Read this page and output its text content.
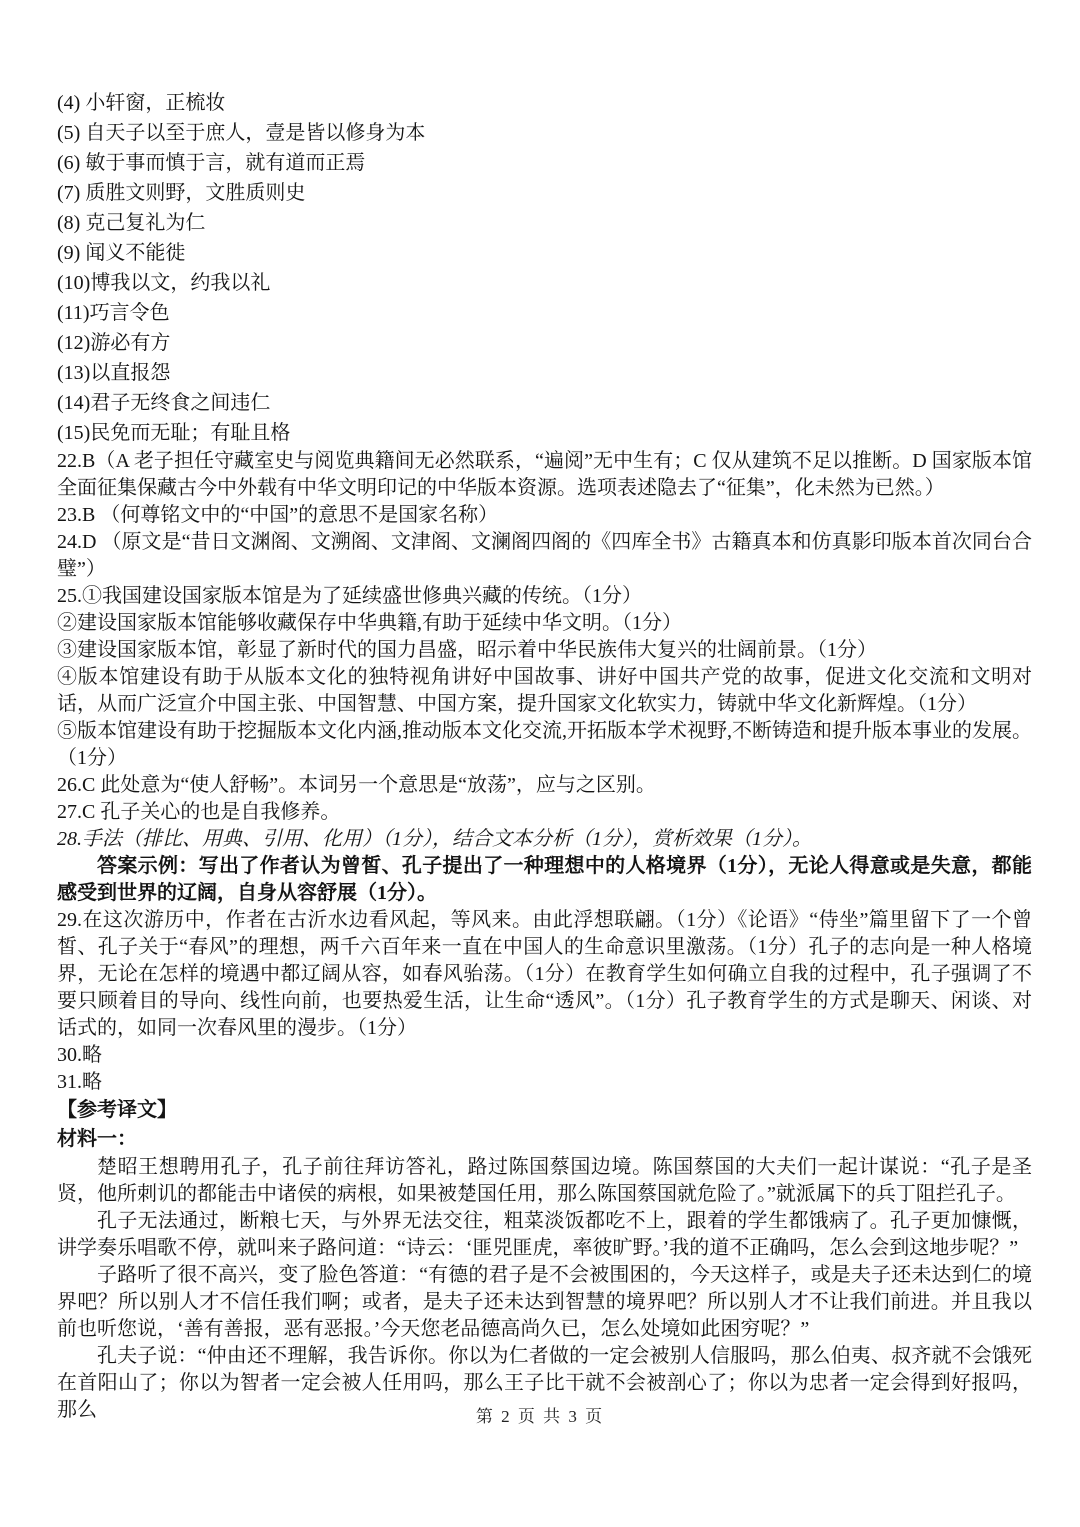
(4) 小轩窗，正梳妆
(5) 自天子以至于庶人，壹是皆以修身为本
(6) 敏于事而慎于言，就有道而正焉
(7) 质胜文则野，文胜质则史
(8) 克己复礼为仁
(9) 闻义不能徙
(10)博我以文，约我以礼
(11)巧言令色
(12)游必有方
(13)以直报怨
(14)君子无终食之间违仁
(15)民免而无耻；有耻且格
22.B（A 老子担任守藏室史与阅览典籍间无必然联系，“遍阅”无中生有；C 仅从建筑不足以推断。D 国家版本馆全面征集保藏古今中外载有中华文明印记的中华版本资源。选项表述隐去了“征集”，化未然为已然。）
23.B （何尊铭文中的“中国”的意思不是国家名称）
24.D （原文是“昔日文渊阁、文溯阁、文津阁、文澜阁四阁的《四库全书》古籍真本和仿真影印版本首次同台合璧”）
25.①我国建设国家版本馆是为了延续盛世修典兴藏的传统。（1分）
②建设国家版本馆能够收藏保存中华典籍,有助于延续中华文明。（1分）
③建设国家版本馆，彰显了新时代的国力昌盛，昭示着中华民族伟大复兴的壮阔前景。（1分）
④版本馆建设有助于从版本文化的独特视角讲好中国故事、讲好中国共产党的故事，促进文化交流和文明对话，从而广泛宣介中国主张、中国智慧、中国方案，提升国家文化软实力，铸就中华文化新辉煌。（1分）
⑤版本馆建设有助于挖掘版本文化内涵,推动版本文化交流,开拓版本学术视野,不断铸造和提升版本事业的发展。（1分）
26.C 此处意为“使人舒畅”。本词另一个意思是“放荡”，应与之区别。
27.C 孔子关心的也是自我修养。
28.手法（排比、用典、引用、化用）（1分），结合文本分析（1分），赏析效果（1分）。
答案示例：写出了作者认为曾皙、孔子提出了一种理想中的人格境界（1分），无论人得意或是失意，都能感受到世界的辽阔，自身从容舒展（1分）。
29.在这次游历中，作者在古沂水边看风起，等风来。由此浮想联翩。（1分）《论语》“侍坐”篇里留下了一个曾皙、孔子关于“春风”的理想，两千六百年来一直在中国人的生命意识里激荡。（1分）孔子的志向是一种人格境界，无论在怎样的境遇中都辽阔从容，如春风骀荡。（1分）在教育学生如何确立自我的过程中，孔子强调了不要只顾着目的导向、线性向前，也要热爱生活，让生命“透风”。（1分）孔子教育学生的方式是聊天、闲谈、对话式的，如同一次春风里的漫步。（1分）
30.略
31.略
【参考译文】
材料一：
楚昭王想聘用孔子，孔子前往拜访答礼，路过陈国蔡国边境。陈国蔡国的大夫们一起计谋说：“孔子是圣贤，他所刺讥的都能击中诸侯的病根，如果被楚国任用，那么陈国蔡国就危险了。”就派属下的兵丁阻拦孔子。
孔子无法通过，断粮七天，与外界无法交往，粗菜淡饭都吃不上，跟着的学生都饿病了。孔子更加慷慨，讲学奏乐唱歌不停，就叫来子路问道：“诗云：‘匪兕匪虎，率彼旷野。’我的道不正确吗，怎么会到这地步呢？”
子路听了很不高兴，变了脸色答道：“有德的君子是不会被围困的，今天这样子，或是夫子还未达到仁的境界吧？所以别人才不信任我们啊；或者，是夫子还未达到智慧的境界吧？所以别人才不让我们前进。并且我以前也听您说，‘善有善报，恶有恶报。’今天您老品德高尚久已，怎么处境如此困穷呢？”
孔夫子说：“仲由还不理解，我告诉你。你以为仁者做的一定会被别人信服吗，那么伯夷、叔齐就不会饿死在首阳山了；你以为智者一定会被人任用吗，那么王子比干就不会被剖心了；你以为忠者一定会得到好报吗，那么	第 2 页 共 3 页
